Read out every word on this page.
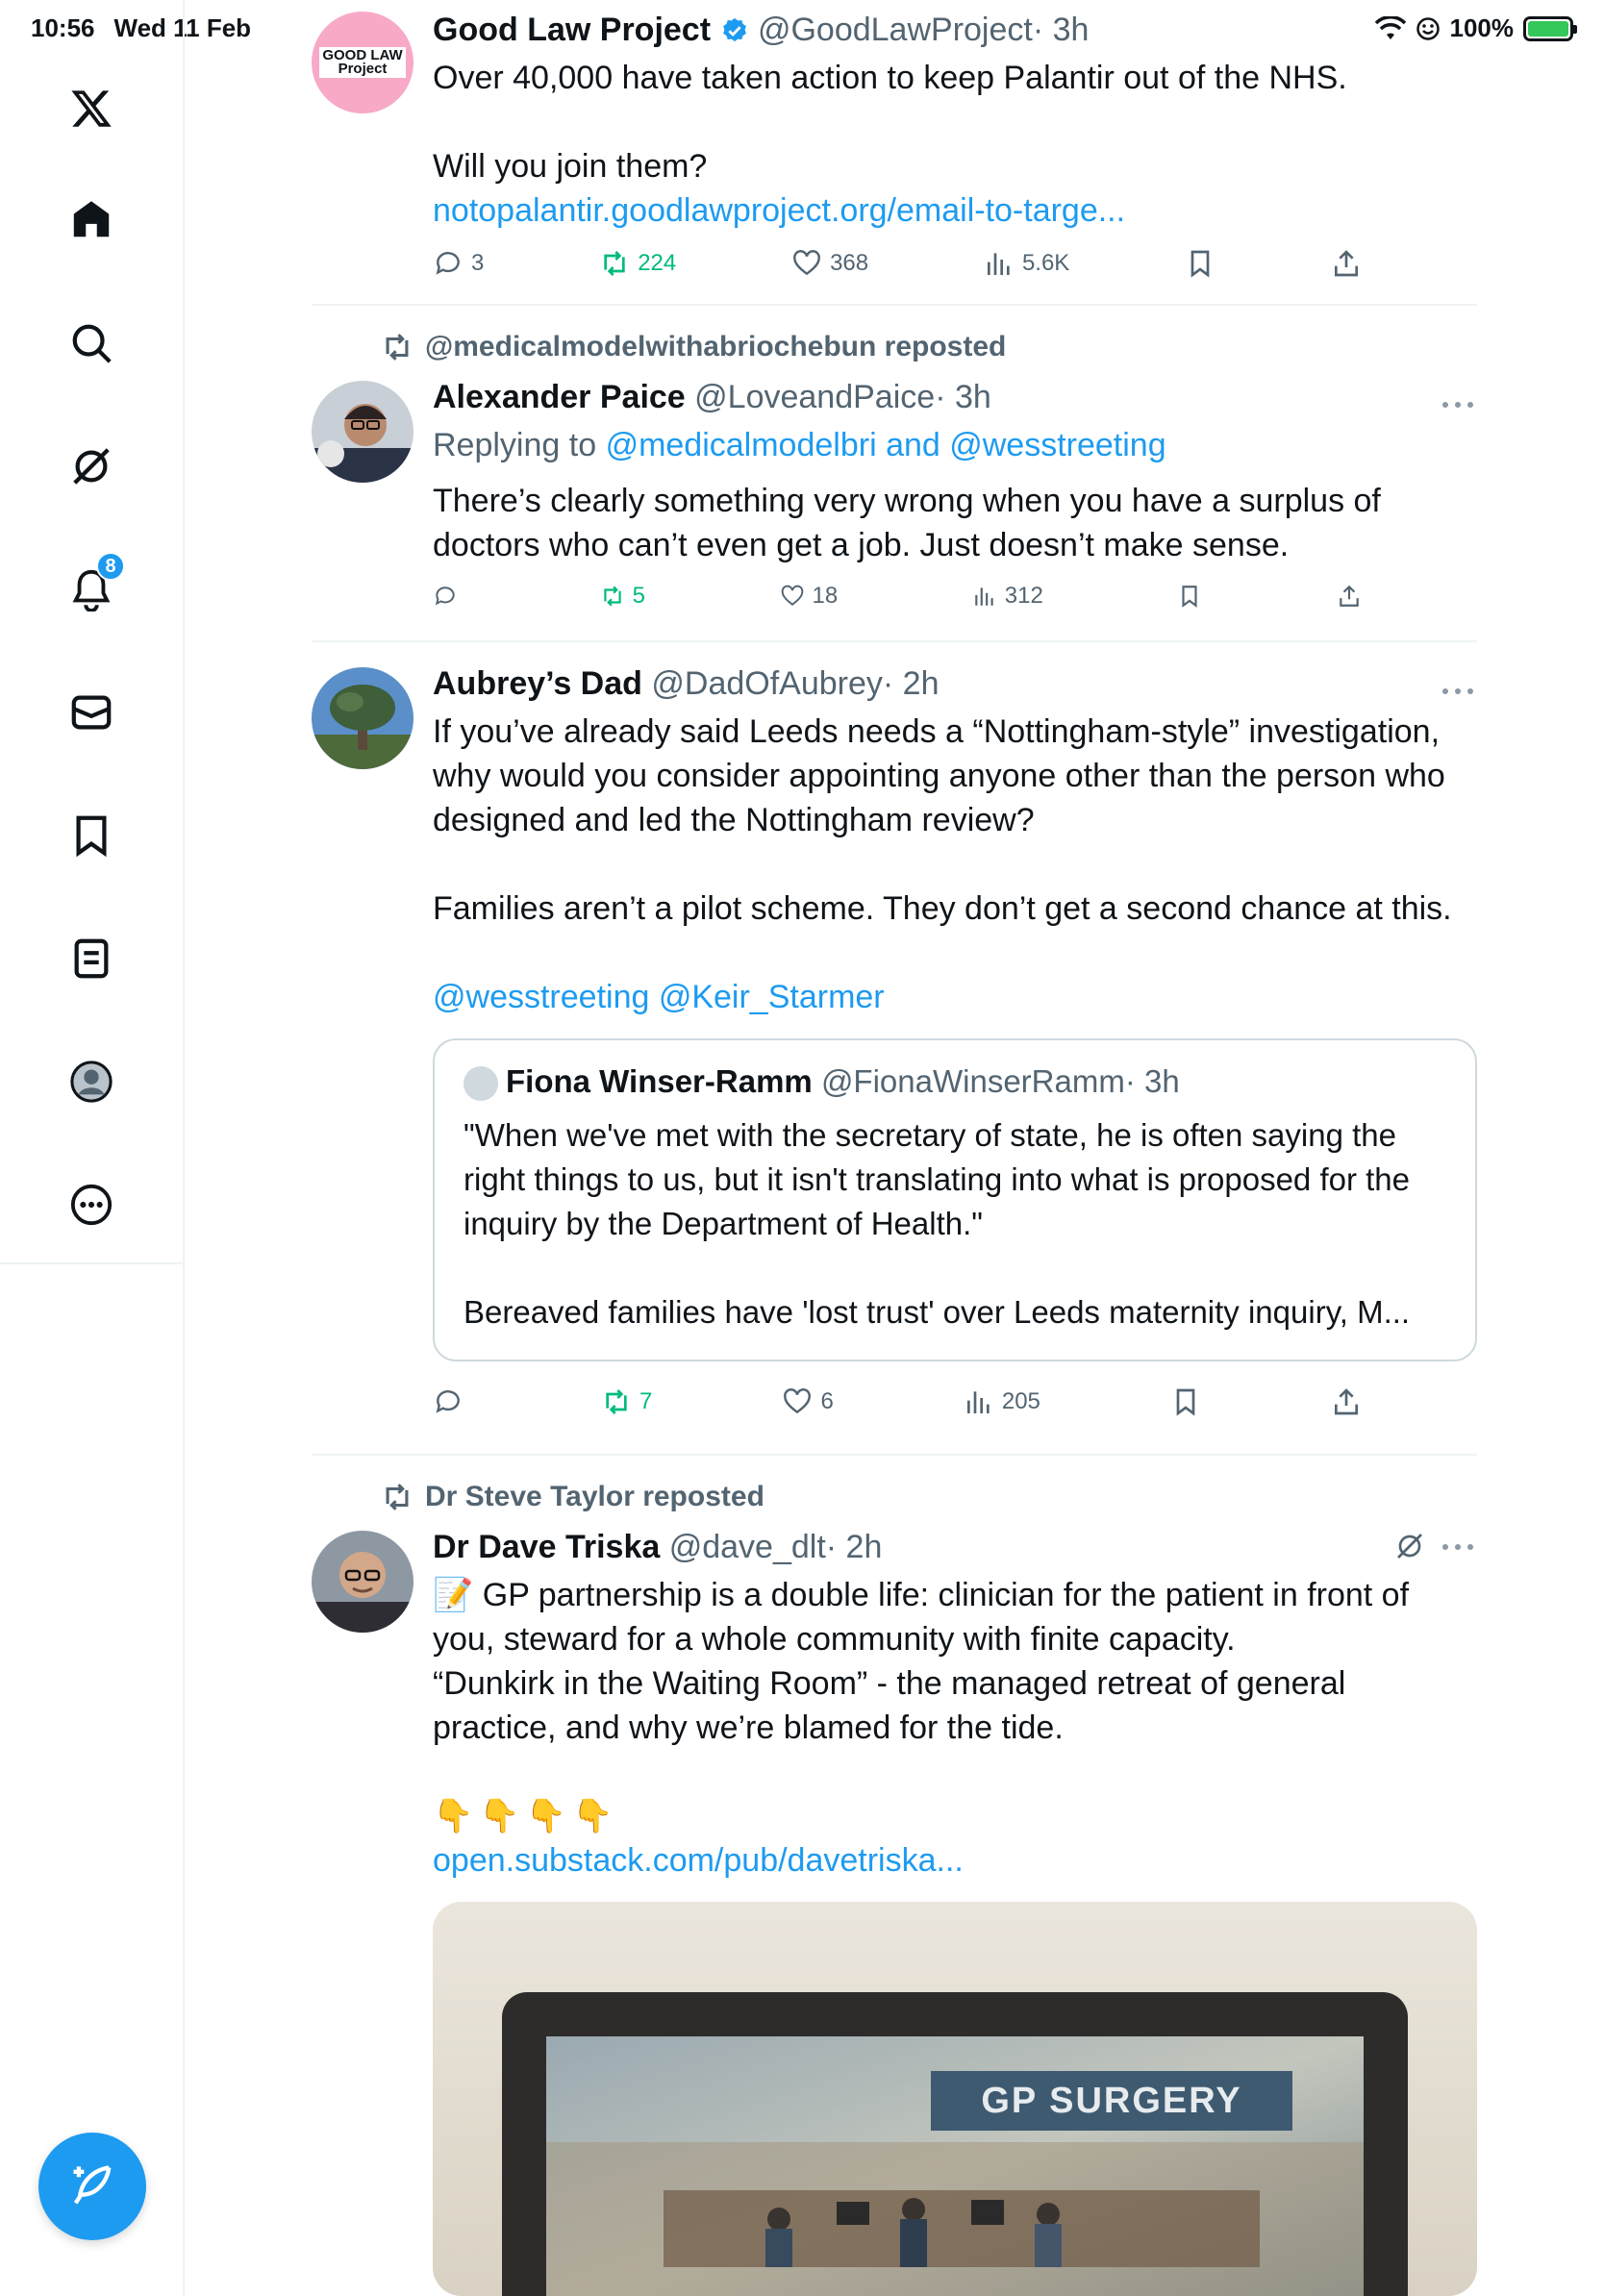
10:56 Wed 11 Feb	100%
8
GOOD LAW
Project
Good Law Project @GoodLawProject· 3h
Over 40,000 have taken action to keep Palantir out of the NHS.
Will you join them?
notopalantir.goodlawproject.org/email-to-targe...
3	224	368	5.6K
@medicalmodelwithabriochebun reposted
Alexander Paice @LoveandPaice· 3h
Replying to @medicalmodelbri and @wesstreeting
There’s clearly something very wrong when you have a surplus of doctors who can’t even get a job. Just doesn’t make sense.
5	18	312
Aubrey’s Dad @DadOfAubrey· 2h
If you’ve already said Leeds needs a “Nottingham-style” investigation, why would you consider appointing anyone other than the person who designed and led the Nottingham review?
Families aren’t a pilot scheme. They don’t get a second chance at this.
@wesstreeting @Keir_Starmer
Fiona Winser-Ramm @FionaWinserRamm· 3h
"When we've met with the secretary of state, he is often saying the right things to us, but it isn't translating into what is proposed for the inquiry by the Department of Health."
Bereaved families have 'lost trust' over Leeds maternity inquiry, M...
7	6	205
Dr Steve Taylor reposted
Dr Dave Triska @dave_dlt· 2h
📝 GP partnership is a double life: clinician for the patient in front of you, steward for a whole community with finite capacity.
“Dunkirk in the Waiting Room” - the managed retreat of general practice, and why we’re blamed for the tide.
👇👇👇👇
open.substack.com/pub/davetriska...
GP SURGERY
